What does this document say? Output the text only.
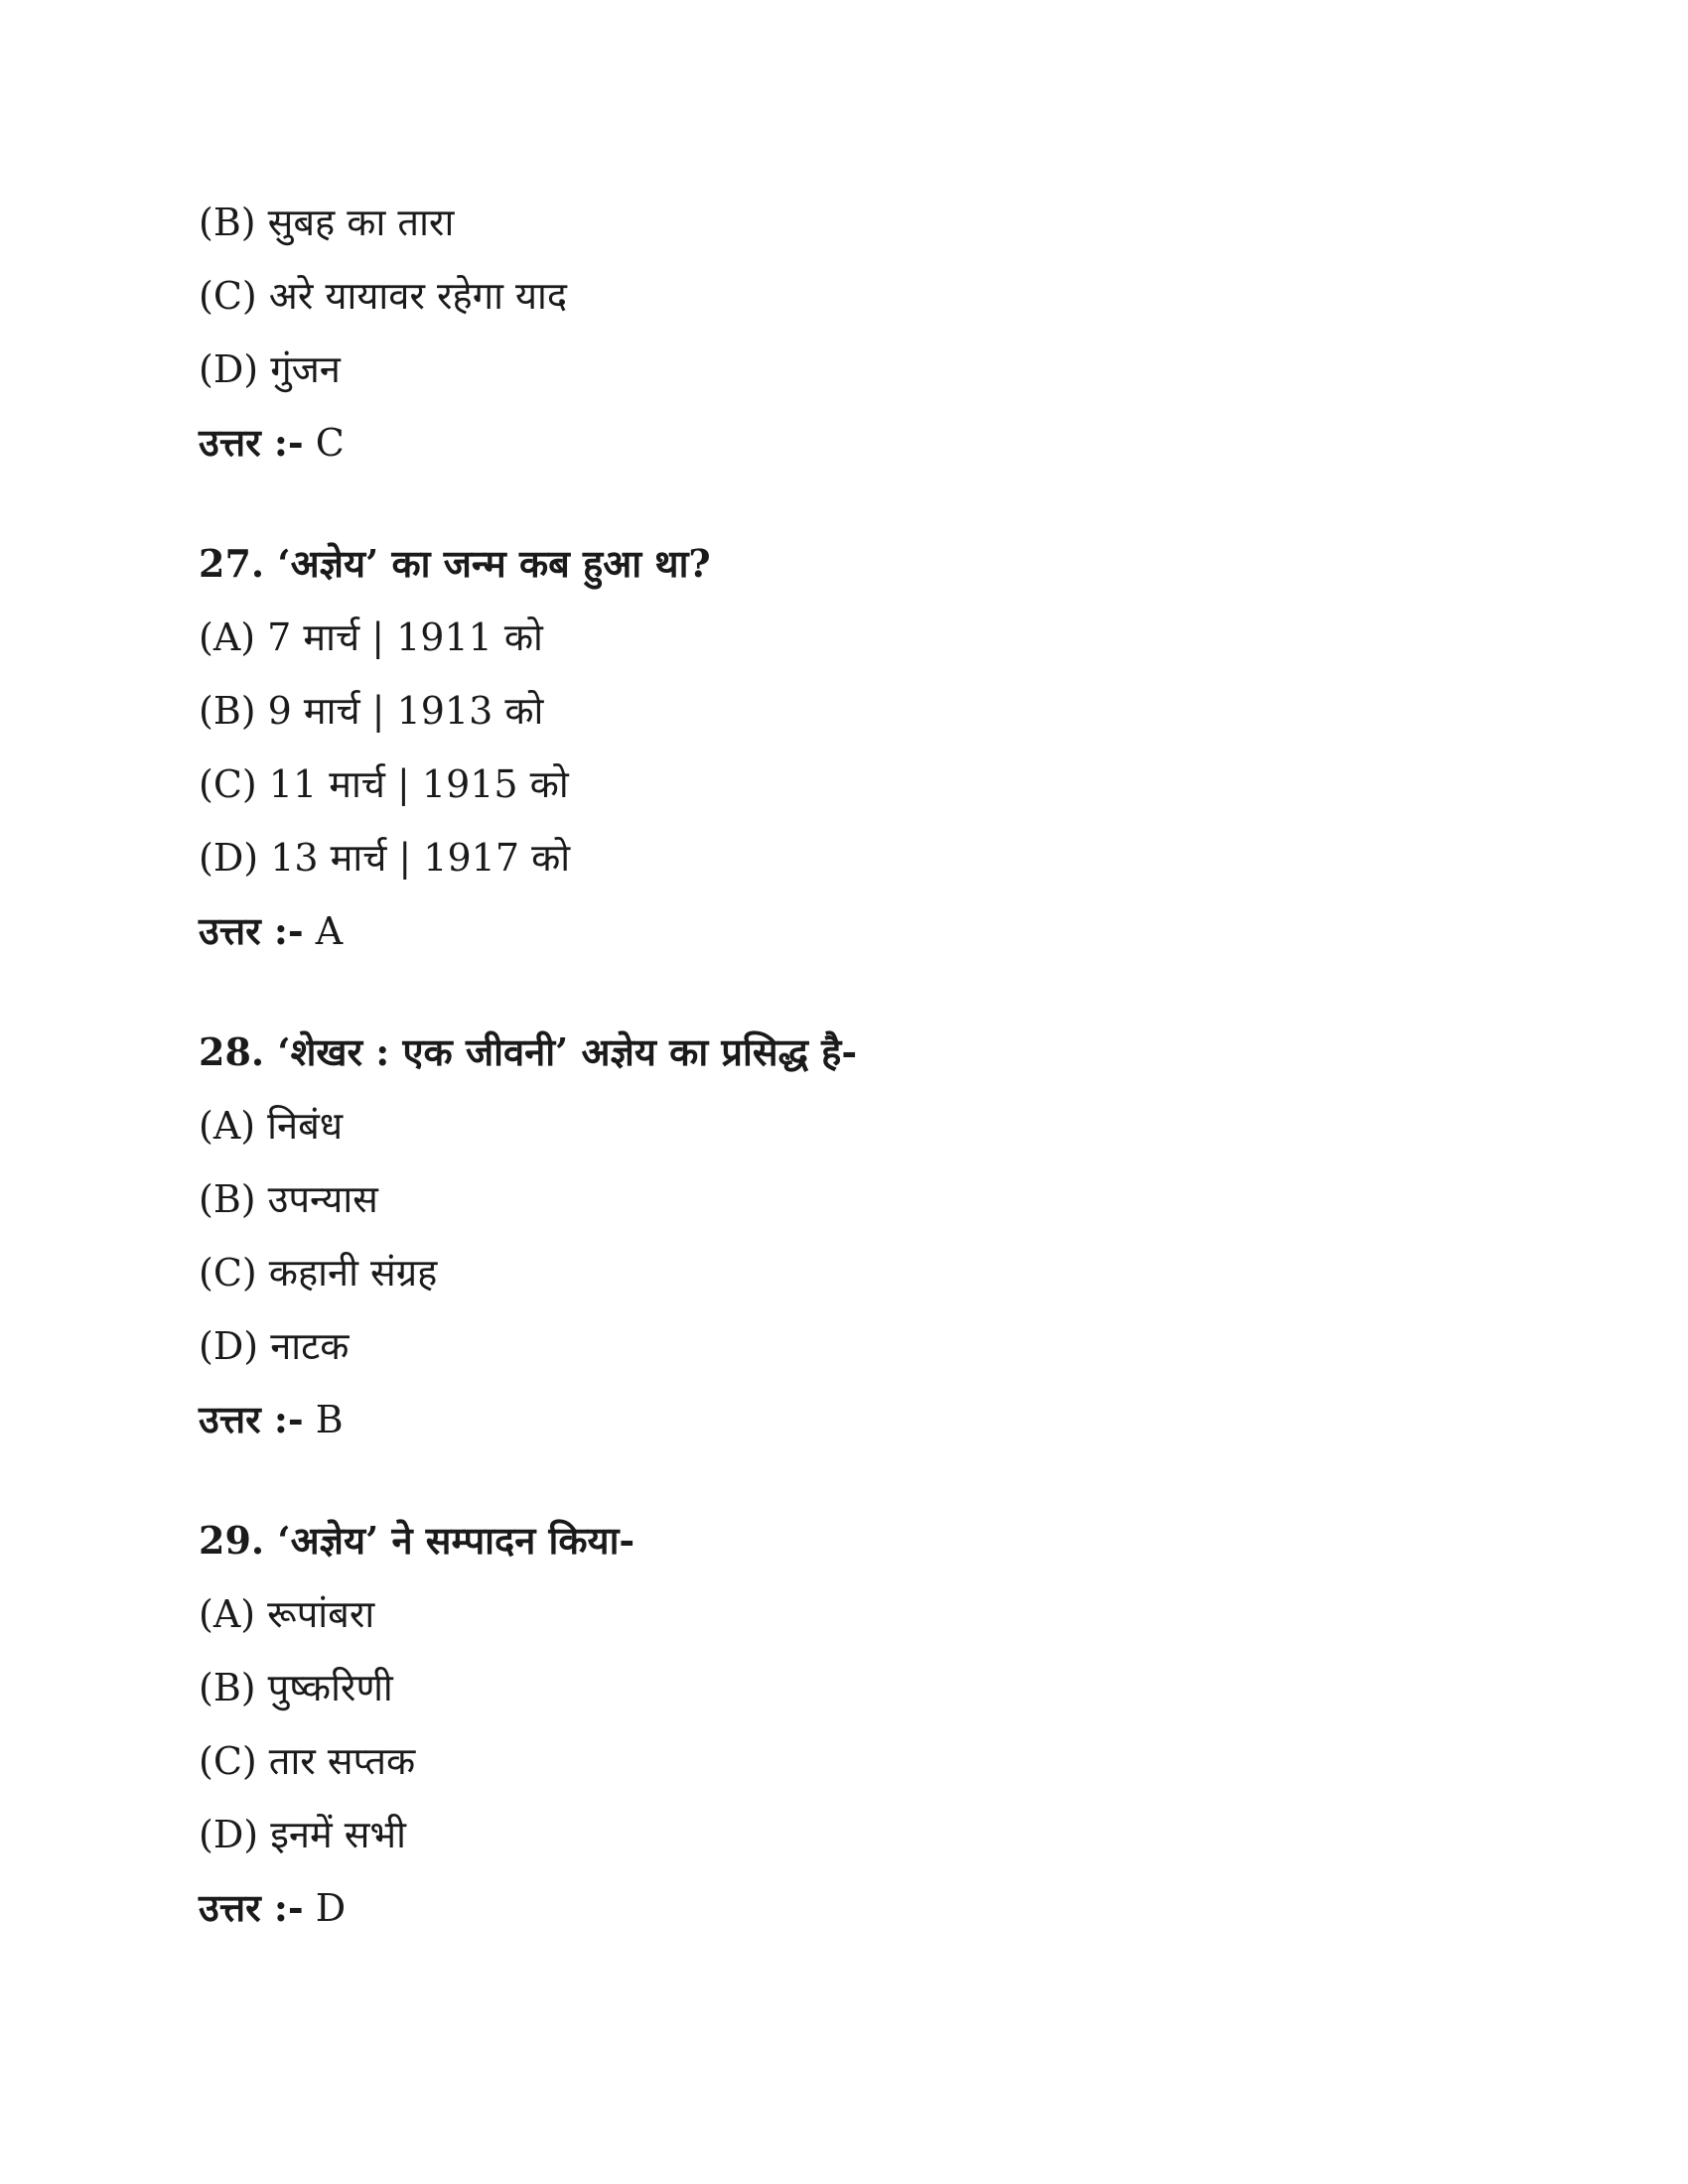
(B) सुबह का तारा
(C) अरे यायावर रहेगा याद
(D) गुंजन
उत्तर :- C
27. ‘अज्ञेय’ का जन्म कब हुआ था?
(A) 7 मार्च | 1911 को
(B) 9 मार्च | 1913 को
(C) 11 मार्च | 1915 को
(D) 13 मार्च | 1917 को
उत्तर :- A
28. ‘शेखर : एक जीवनी’ अज्ञेय का प्रसिद्ध है-
(A) निबंध
(B) उपन्यास
(C) कहानी संग्रह
(D) नाटक
उत्तर :- B
29. ‘अज्ञेय’ ने सम्पादन किया-
(A) रूपांबरा
(B) पुष्करिणी
(C) तार सप्तक
(D) इनमें सभी
उत्तर :- D
